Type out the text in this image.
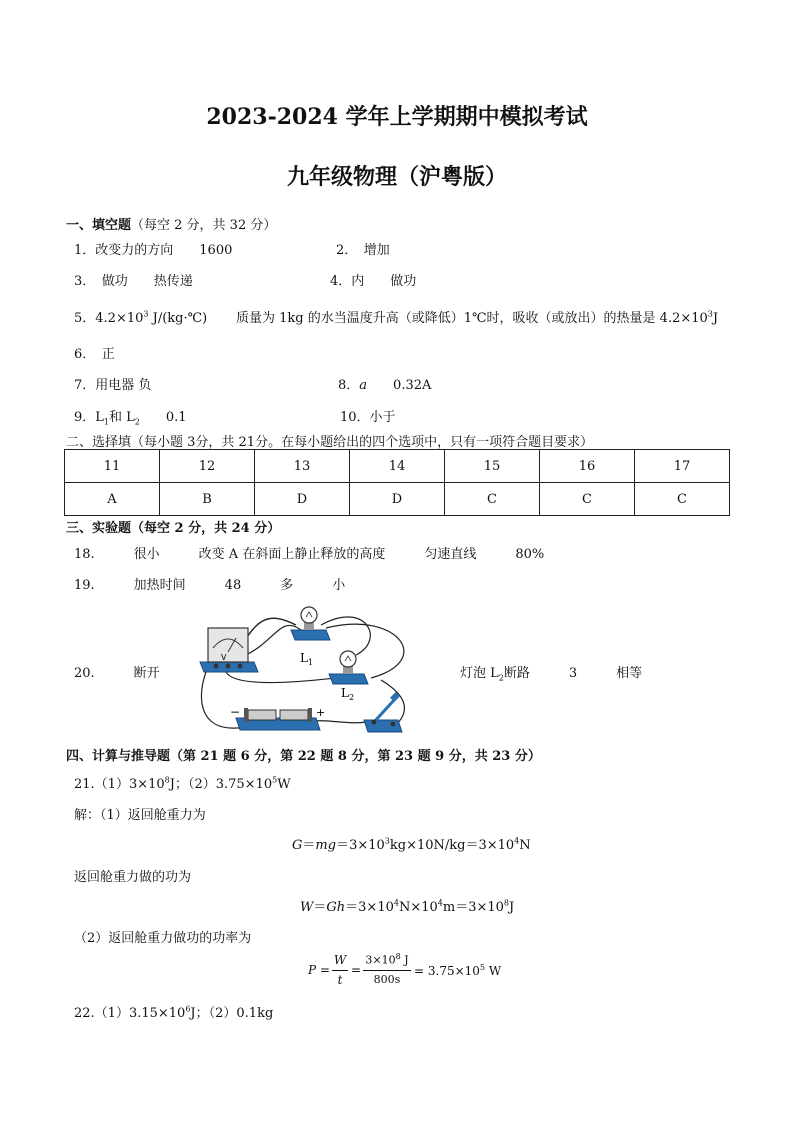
2023-2024 学年上学期期中模拟考试
九年级物理（沪粤版）
一、填空题（每空 2 分，共 32 分）
1．改变力的方向　　1600	2．　增加
3．　做功　　热传递	4．内　　做功
5．$4.2\times 10^3$ J/(kg·℃) 质量为 1kg 的水当温度升高（或降低）1℃时，吸收（或放出）的热量是 $4.2\times 10^3J$
6．　正
7．用电器 负	8．a　　0.32A
9．$L_1$和 $L_2$　　0.1	10．小于
二、选择填（每小题 3分，共 21分。在每小题给出的四个选项中，只有一项符合题目要求）
11	12	13	14	15	16	17
A	B	D	D	C	C	C
三、实验题（每空 2 分，共 24 分）
18.　　　很小　　　改变 A 在斜面上静止释放的高度　　　匀速直线　　　80%
19.　　　加热时间　　　48　　　多　　　小
20.　　　断开	灯泡 $L_2$断路　　　3　　　相等
V	$L_1$
$L_2$
−	+
四、计算与推导题（第 21 题 6 分，第 22 题 8 分，第 23 题 9 分，共 23 分）
$21.(1)3\times 10^8J$；$(2)3.75\times 10^5W$
解：（1）返回舱重力为
$G=mg=3\times 10^3kg\times 10N/kg=3\times 10^4N$
返回舱重力做的功为
$W=Gh=3\times 10^4N\times 10^4m=3\times 10^8J$
（2）返回舱重力做功的功率为
P =
W
t
=
$3\times 10^8$ J
800s
= $3.75\times 10^5$ W
$22.(1)3.15\times 10^6J$；（2）0.1kg
